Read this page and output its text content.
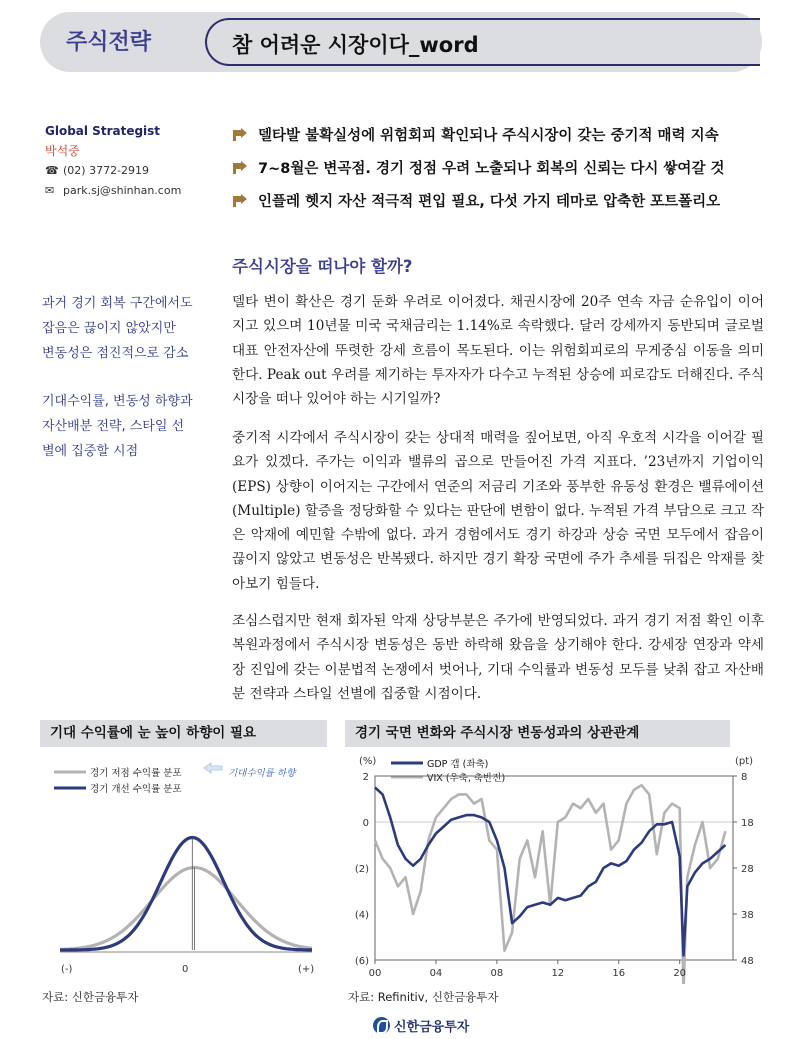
주식전략	참 어려운 시장이다_word
Global Strategist
박석중
☎ (02) 3772-2919
✉ park.sj@shinhan.com
델타발 불확실성에 위험회피 확인되나 주식시장이 갖는 중기적 매력 지속
7~8월은 변곡점. 경기 정점 우려 노출되나 회복의 신뢰는 다시 쌓여갈 것
인플레 헷지 자산 적극적 편입 필요, 다섯 가지 테마로 압축한 포트폴리오
주식시장을 떠나야 할까?
과거 경기 회복 구간에서도
잡음은 끊이지 않았지만
변동성은 점진적으로 감소
기대수익률, 변동성 하향과
자산배분 전략, 스타일 선
별에 집중할 시점

델타 변이 확산은 경기 둔화 우려로 이어졌다. 채권시장에 20주 연속 자금 순유입이 이어지고 있으며 10년물 미국 국채금리는 1.14%로 속락했다. 달러 강세까지 동반되며 글로벌 대표 안전자산에 뚜렷한 강세 흐름이 목도된다. 이는 위험회피로의 무게중심 이동을 의미한다. Peak out 우려를 제기하는 투자자가 다수고 누적된 상승에 피로감도 더해진다. 주식시장을 떠나 있어야 하는 시기일까?

중기적 시각에서 주식시장이 갖는 상대적 매력을 짚어보면, 아직 우호적 시각을 이어갈 필요가 있겠다. 주가는 이익과 밸류의 곱으로 만들어진 가격 지표다. ’23년까지 기업이익(EPS) 상향이 이어지는 구간에서 연준의 저금리 기조와 풍부한 유동성 환경은 밸류에이션(Multiple) 할증을 정당화할 수 있다는 판단에 변함이 없다. 누적된 가격 부담으로 크고 작은 악재에 예민할 수밖에 없다. 과거 경험에서도 경기 하강과 상승 국면 모두에서 잡음이 끊이지 않았고 변동성은 반복됐다. 하지만 경기 확장 국면에 주가 추세를 뒤집은 악재를 찾아보기 힘들다.

조심스럽지만 현재 회자된 악재 상당부분은 주가에 반영되었다. 과거 경기 저점 확인 이후 복원과정에서 주식시장 변동성은 동반 하락해 왔음을 상기해야 한다. 강세장 연장과 약세장 진입에 갖는 이분법적 논쟁에서 벗어나, 기대 수익률과 변동성 모두를 낮춰 잡고 자산배분 전략과 스타일 선별에 집중할 시점이다.

기대 수익률에 눈 높이 하향이 필요	경기 국면 변화와 주식시장 변동성과의 상관관계
경기 저점 수익률 분포
경기 개선 수익률 분포
기대수익률 하향
(-)	0	(+)
(%)	(pt)
GDP 갭 (좌축)
VIX (우축, 축반전)
2
0
(2)
(4)
(6)
8
18
28
38
48
00	04	08	12	16	20
자료: 신한금융투자	자료: Refinitiv, 신한금융투자
신한금융투자
